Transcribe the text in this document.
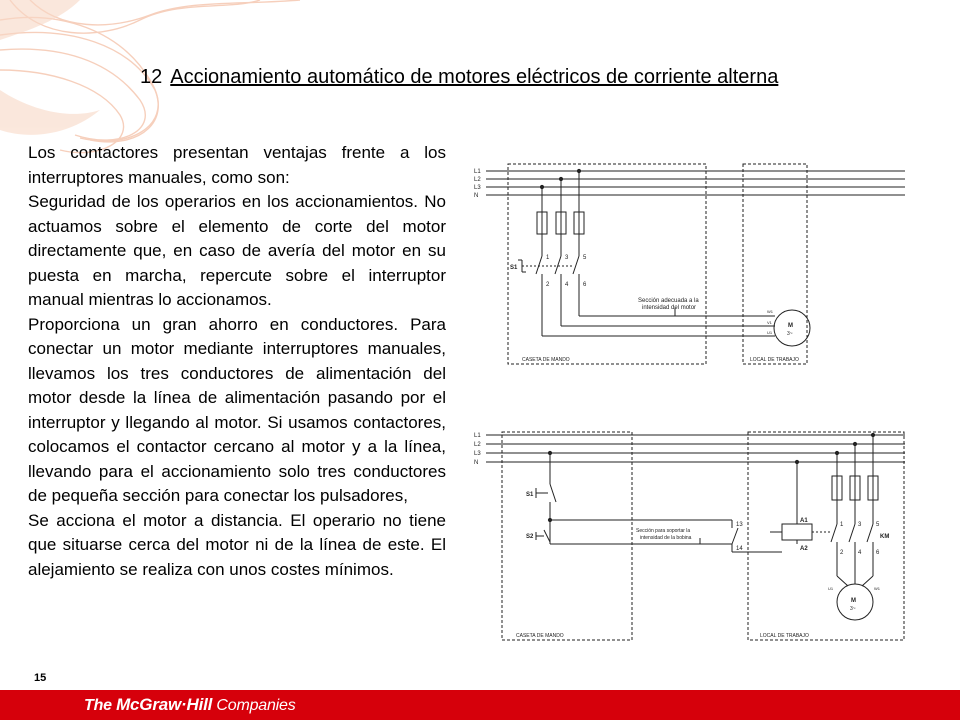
12 Accionamiento automático de motores eléctricos de corriente alterna

Los contactores presentan ventajas frente a los interruptores manuales, como son:

Seguridad de los operarios en los accionamientos. No actuamos sobre el elemento de corte del motor directamente que, en caso de avería del motor en su puesta en marcha, repercute sobre el interruptor manual mientras lo accionamos.

Proporciona un gran ahorro en conductores. Para conectar un motor mediante interruptores manuales, llevamos los tres conductores de alimentación del motor desde la línea de alimentación pasando por el interruptor y llegando al motor. Si usamos contactores, colocamos el contactor cercano al motor y a la línea, llevando para el accionamiento solo tres conductores de pequeña sección para conectar los pulsadores,

Se acciona el motor a distancia. El operario no tiene que situarse cerca del motor ni de la línea de este. El alejamiento se realiza con unos costes mínimos.

L1
L2
L3
N
S1
1	3 5
2	4 6
Sección adecuada a la
intensidad del motor
W1
V1
U1
M
3~
CASETA DE MANDO	LOCAL DE TRABAJO
L1
L2
L3
N
S1
S2
Sección para soportar la
intensidad de la bobina
13
14
A1
A2
1 3 5
2 4 6
KM
U1	W1
M
3~
CASETA DE MANDO	LOCAL DE TRABAJO
15
The McGraw·Hill Companies
